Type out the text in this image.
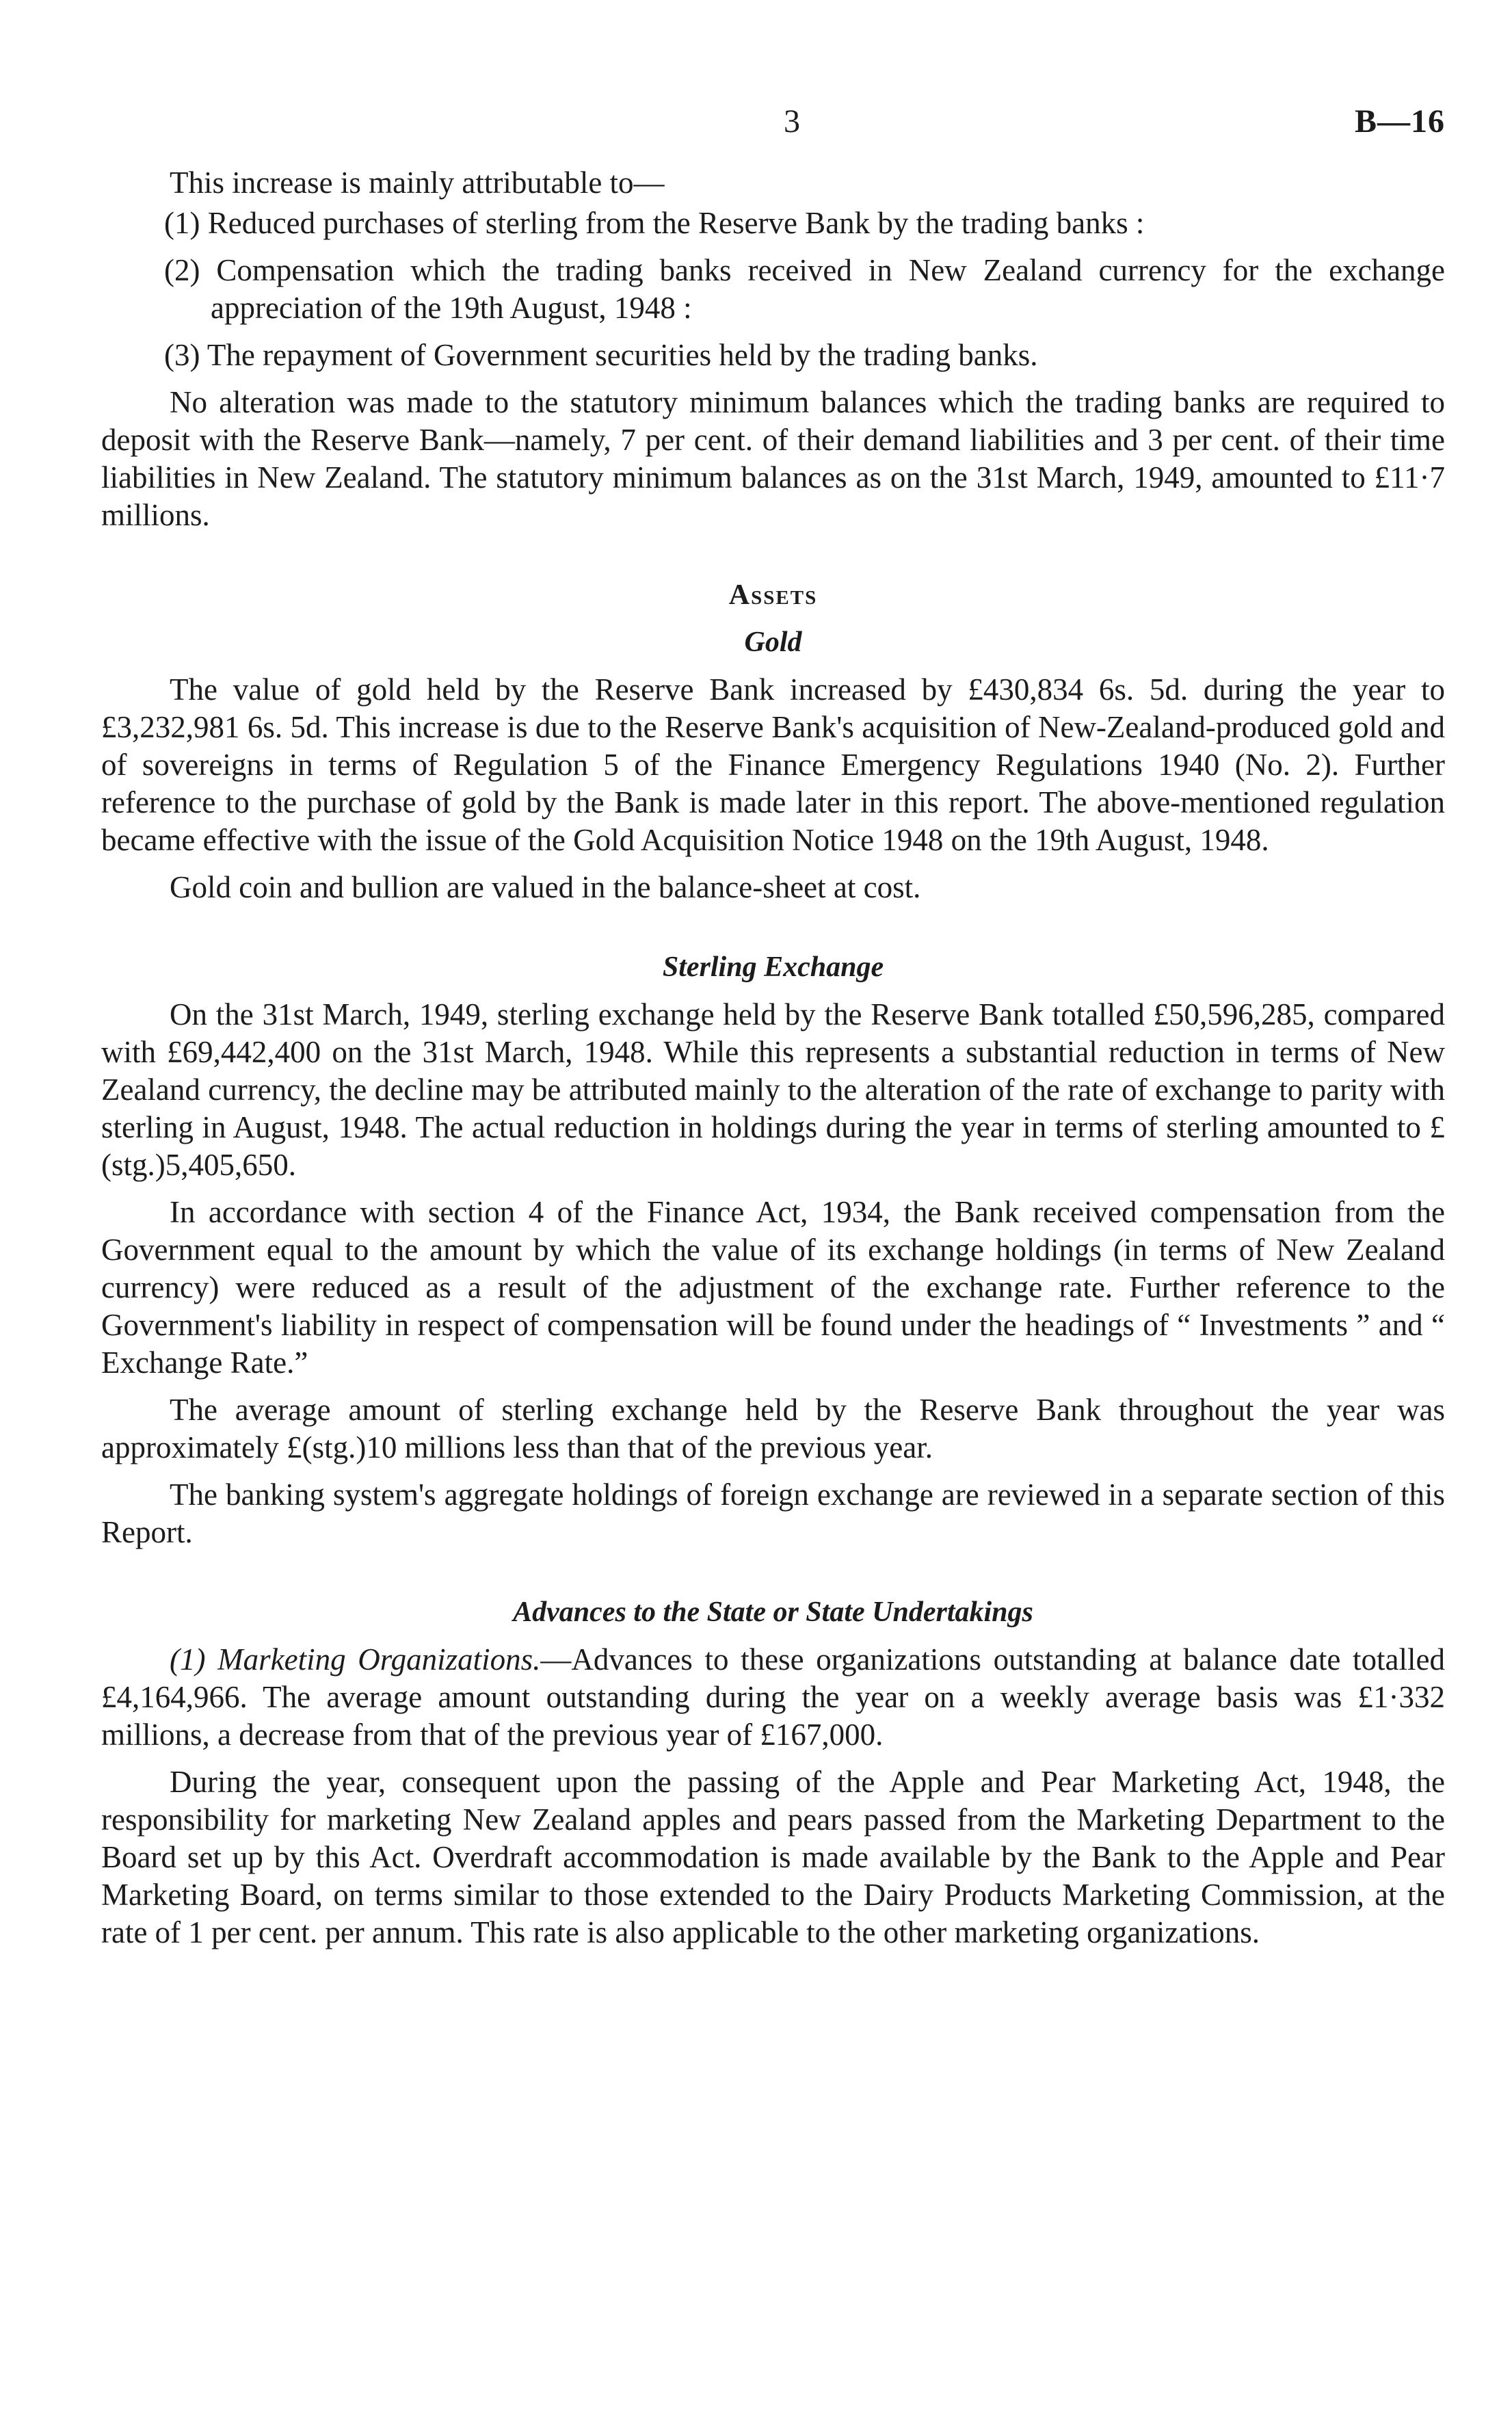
3	B—16

This increase is mainly attributable to—

(1) Reduced purchases of sterling from the Reserve Bank by the trading banks :

(2) Compensation which the trading banks received in New Zealand currency for the exchange appreciation of the 19th August, 1948 :

(3) The repayment of Government securities held by the trading banks.

No alteration was made to the statutory minimum balances which the trading banks are required to deposit with the Reserve Bank—namely, 7 per cent. of their demand liabilities and 3 per cent. of their time liabilities in New Zealand. The statutory minimum balances as on the 31st March, 1949, amounted to £11·7 millions.

Assets
Gold

The value of gold held by the Reserve Bank increased by £430,834 6s. 5d. during the year to £3,232,981 6s. 5d. This increase is due to the Reserve Bank's acquisition of New-Zealand-produced gold and of sovereigns in terms of Regulation 5 of the Finance Emergency Regulations 1940 (No. 2). Further reference to the purchase of gold by the Bank is made later in this report. The above-mentioned regulation became effective with the issue of the Gold Acquisition Notice 1948 on the 19th August, 1948.

Gold coin and bullion are valued in the balance-sheet at cost.

Sterling Exchange

On the 31st March, 1949, sterling exchange held by the Reserve Bank totalled £50,596,285, compared with £69,442,400 on the 31st March, 1948. While this represents a substantial reduction in terms of New Zealand currency, the decline may be attributed mainly to the alteration of the rate of exchange to parity with sterling in August, 1948. The actual reduction in holdings during the year in terms of sterling amounted to £(stg.)5,405,650.

In accordance with section 4 of the Finance Act, 1934, the Bank received compensation from the Government equal to the amount by which the value of its exchange holdings (in terms of New Zealand currency) were reduced as a result of the adjustment of the exchange rate. Further reference to the Government's liability in respect of compensation will be found under the headings of “ Investments ” and “ Exchange Rate.”

The average amount of sterling exchange held by the Reserve Bank throughout the year was approximately £(stg.)10 millions less than that of the previous year.

The banking system's aggregate holdings of foreign exchange are reviewed in a separate section of this Report.

Advances to the State or State Undertakings

(1) Marketing Organizations.—Advances to these organizations outstanding at balance date totalled £4,164,966. The average amount outstanding during the year on a weekly average basis was £1·332 millions, a decrease from that of the previous year of £167,000.

During the year, consequent upon the passing of the Apple and Pear Marketing Act, 1948, the responsibility for marketing New Zealand apples and pears passed from the Marketing Department to the Board set up by this Act. Overdraft accommodation is made available by the Bank to the Apple and Pear Marketing Board, on terms similar to those extended to the Dairy Products Marketing Commission, at the rate of 1 per cent. per annum. This rate is also applicable to the other marketing organizations.
